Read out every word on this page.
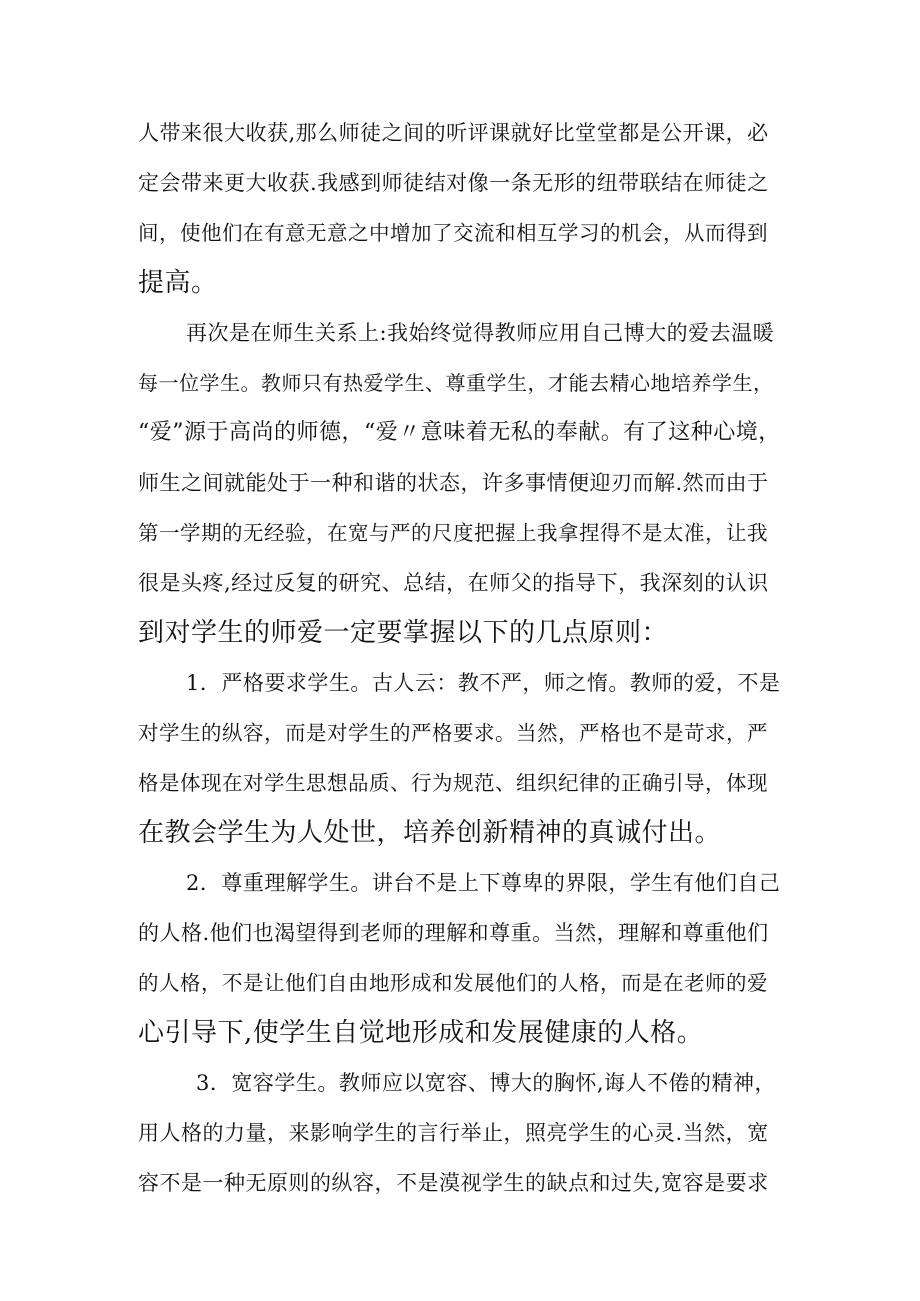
人带来很大收获,那么师徒之间的听评课就好比堂堂都是公开课，必
定会带来更大收获.我感到师徒结对像一条无形的纽带联结在师徒之
间，使他们在有意无意之中增加了交流和相互学习的机会，从而得到
提高。
再次是在师生关系上:我始终觉得教师应用自己博大的爱去温暖
每一位学生。教师只有热爱学生、尊重学生，才能去精心地培养学生，
“爱”源于高尚的师德，“爱〃意味着无私的奉献。有了这种心境，
师生之间就能处于一种和谐的状态，许多事情便迎刃而解.然而由于
第一学期的无经验，在宽与严的尺度把握上我拿捏得不是太准，让我
很是头疼,经过反复的研究、总结，在师父的指导下，我深刻的认识
到对学生的师爱一定要掌握以下的几点原则：
1．严格要求学生。古人云：教不严，师之惰。教师的爱，不是
对学生的纵容，而是对学生的严格要求。当然，严格也不是苛求，严
格是体现在对学生思想品质、行为规范、组织纪律的正确引导，体现
在教会学生为人处世，培养创新精神的真诚付出。
2．尊重理解学生。讲台不是上下尊卑的界限，学生有他们自己
的人格.他们也渴望得到老师的理解和尊重。当然，理解和尊重他们
的人格，不是让他们自由地形成和发展他们的人格，而是在老师的爱
心引导下,使学生自觉地形成和发展健康的人格。
3．宽容学生。教师应以宽容、博大的胸怀,诲人不倦的精神，
用人格的力量，来影响学生的言行举止，照亮学生的心灵.当然，宽
容不是一种无原则的纵容，不是漠视学生的缺点和过失,宽容是要求
